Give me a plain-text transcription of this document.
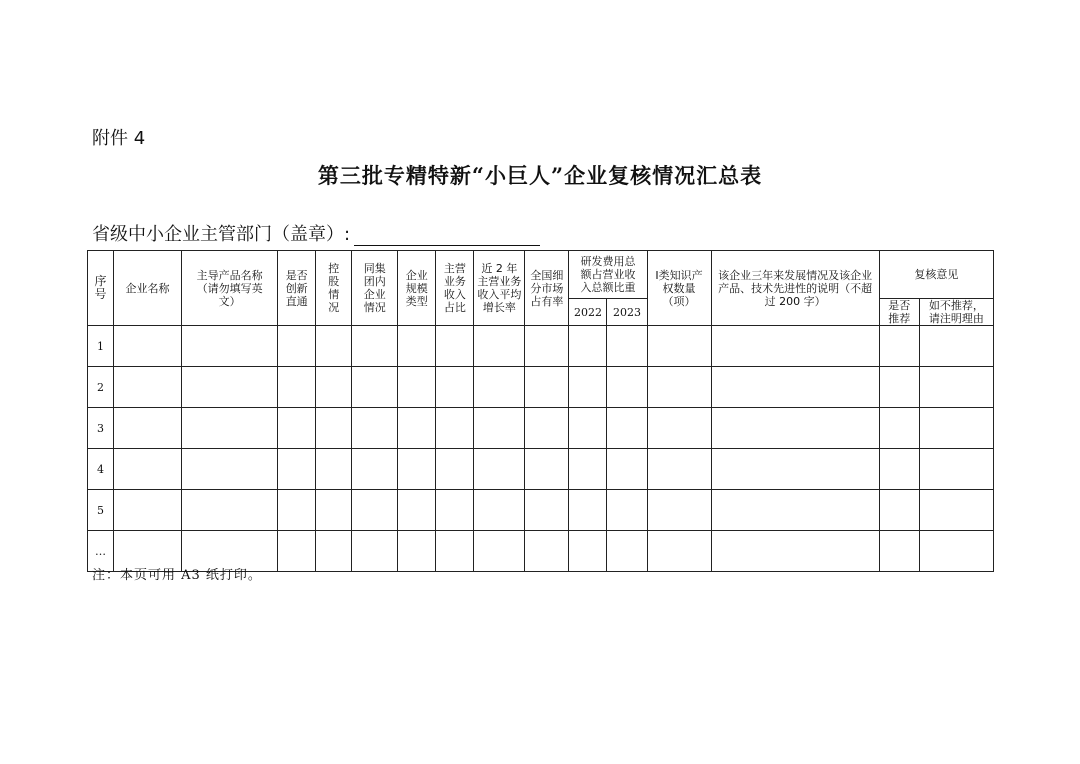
附件 4
第三批专精特新“小巨人”企业复核情况汇总表
省级中小企业主管部门（盖章）:
序号	企业名称	主导产品名称（请勿填写英文）	是否创新直通	控股情况	同集团内企业情况	企业规模类型	主营业务收入占比	近 2 年主营业务收入平均增长率	全国细分市场占有率	研发费用总额占营业收入总额比重		Ⅰ类知识产权数量（项）	该企业三年来发展情况及该企业产品、技术先进性的说明（不超过 200 字）	复核意见	
										2022	2023			是否推荐	如不推荐，请注明理由
1															
2															
3															
4															
5															
…															
注：本页可用 A3 纸打印。
